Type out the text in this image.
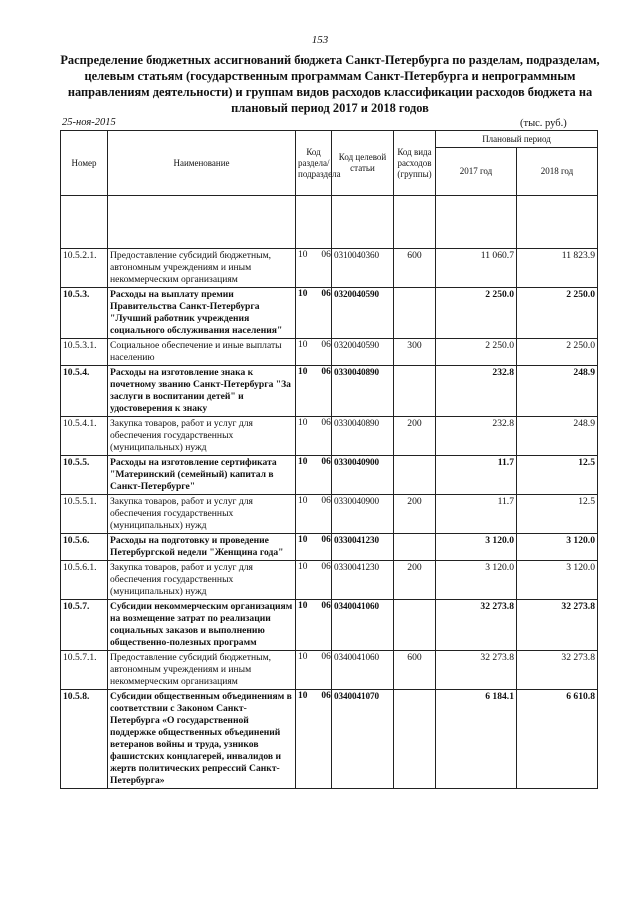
153
Распределение бюджетных ассигнований бюджета Санкт-Петербурга по разделам, подразделам, целевым статьям (государственным программам Санкт-Петербурга и непрограммным направлениям деятельности) и группам видов расходов классификации расходов бюджета на плановый период 2017 и 2018 годов
25-ноя-2015	(тыс. руб.)
Номер	Наименование	Код раздела/ подраздела	Код целевой статьи	Код вида расходов (группы)	Плановый период	
					2017 год	2018 год

10.5.2.1.	Предоставление субсидий бюджетным, автономным учреждениям и иным некоммерческим организациям	10 06	0310040360	600	11 060.7	11 823.9
10.5.3.	Расходы на выплату премии Правительства Санкт-Петербурга "Лучший работник учреждения социального обслуживания населения"	10 06	0320040590		2 250.0	2 250.0
10.5.3.1.	Социальное обеспечение и иные выплаты населению	10 06	0320040590	300	2 250.0	2 250.0
10.5.4.	Расходы на изготовление знака к почетному званию Санкт-Петербурга "За заслуги в воспитании детей" и удостоверения к знаку	10 06	0330040890		232.8	248.9
10.5.4.1.	Закупка товаров, работ и услуг для обеспечения государственных (муниципальных) нужд	10 06	0330040890	200	232.8	248.9
10.5.5.	Расходы на изготовление сертификата "Материнский (семейный) капитал в Санкт-Петербурге"	10 06	0330040900		11.7	12.5
10.5.5.1.	Закупка товаров, работ и услуг для обеспечения государственных (муниципальных) нужд	10 06	0330040900	200	11.7	12.5
10.5.6.	Расходы на подготовку и проведение Петербургской недели "Женщина года"	10 06	0330041230		3 120.0	3 120.0
10.5.6.1.	Закупка товаров, работ и услуг для обеспечения государственных (муниципальных) нужд	10 06	0330041230	200	3 120.0	3 120.0
10.5.7.	Субсидии некоммерческим организациям на возмещение затрат по реализации социальных заказов и выполнению общественно-полезных программ	10 06	0340041060		32 273.8	32 273.8
10.5.7.1.	Предоставление субсидий бюджетным, автономным учреждениям и иным некоммерческим организациям	10 06	0340041060	600	32 273.8	32 273.8
10.5.8.	Субсидии общественным объединениям в соответствии с Законом Санкт-Петербурга «О государственной поддержке общественных объединений ветеранов войны и труда, узников фашистских концлагерей, инвалидов и жертв политических репрессий Санкт-Петербурга»	10 06	0340041070		6 184.1	6 610.8
